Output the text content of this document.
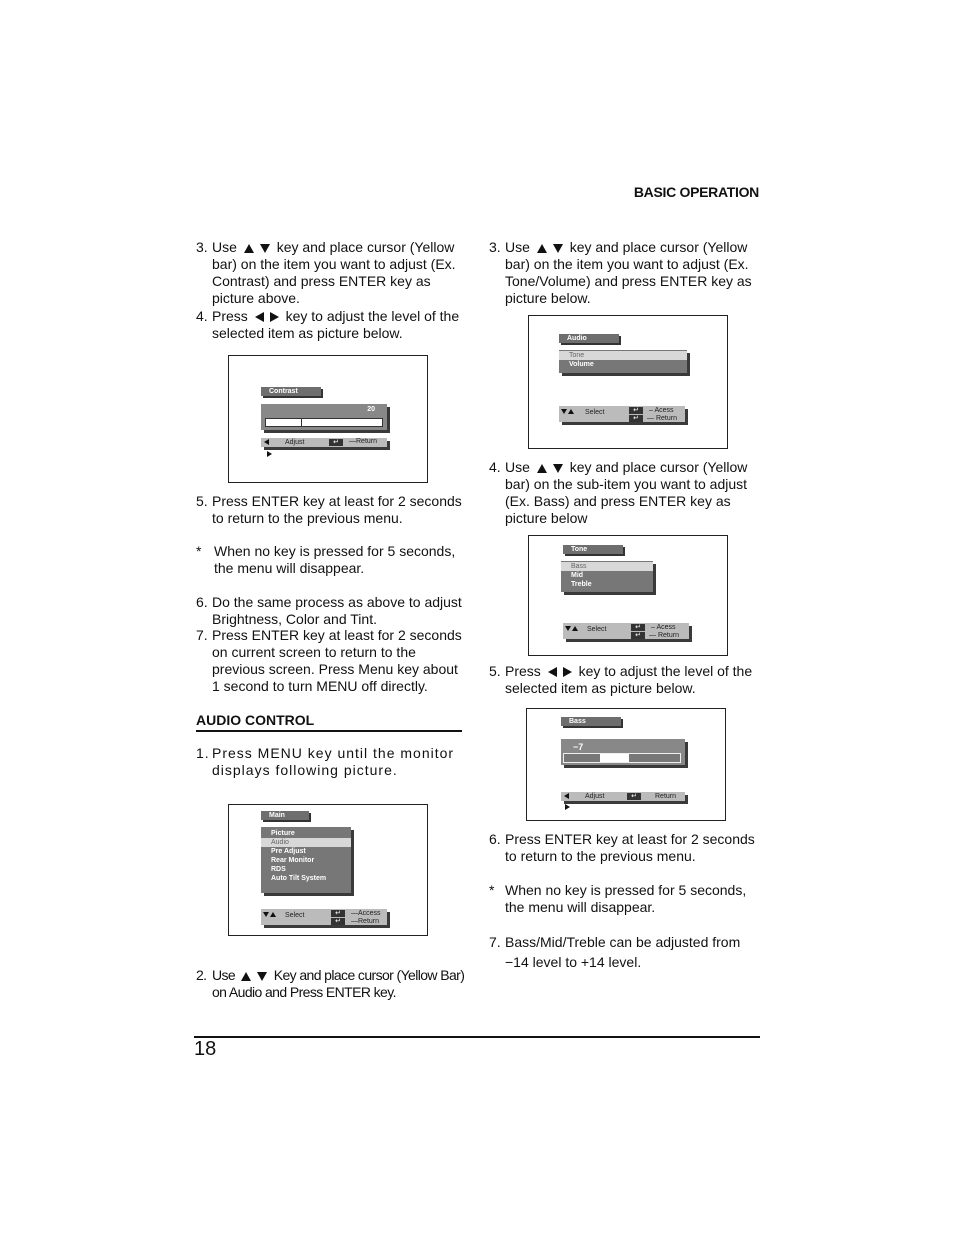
BASIC OPERATION
3. Use	key and place cursor (Yellow bar) on the item you want to adjust (Ex. Contrast) and press ENTER key as picture above.
4. Press	key to adjust the level of the selected item as picture below.
Contrast
20
Adjust	↵	—Return
5. Press ENTER key at least for 2 seconds to return to the previous menu.
* When no key is pressed for 5 seconds, the menu will disappear.
6. Do the same process as above to adjust Brightness, Color and Tint.
7. Press ENTER key at least for 2 seconds on current screen to return to the previous screen. Press Menu key about 1 second to turn MENU off directly.
AUDIO CONTROL
1. Press MENU key until the monitor displays following picture.
Main
Picture
Audio
Pre Adjust
Rear Monitor
RDS
Auto Tilt System
Select	↵
↵
—Access
—Return
2. Use	Key and place cursor (Yellow Bar) on Audio and Press ENTER key.
3. Use	key and place cursor (Yellow bar) on the item you want to adjust (Ex. Tone/Volume) and press ENTER key as picture below.
Audio
Tone
Volume
Select	↵
↵
– Acess
— Return
4. Use	key and place cursor (Yellow bar) on the sub-item you want to adjust (Ex. Bass) and press ENTER key as picture below
Tone
Bass
Mid
Treble
Select	↵
↵
– Acess
— Return
5. Press	key to adjust the level of the selected item as picture below.
Bass
−7
Adjust	↵	Return
6. Press ENTER key at least for 2 seconds to return to the previous menu.
* When no key is pressed for 5 seconds, the menu will disappear.
7. Bass/Mid/Treble can be adjusted from −14 level to +14 level.
18
